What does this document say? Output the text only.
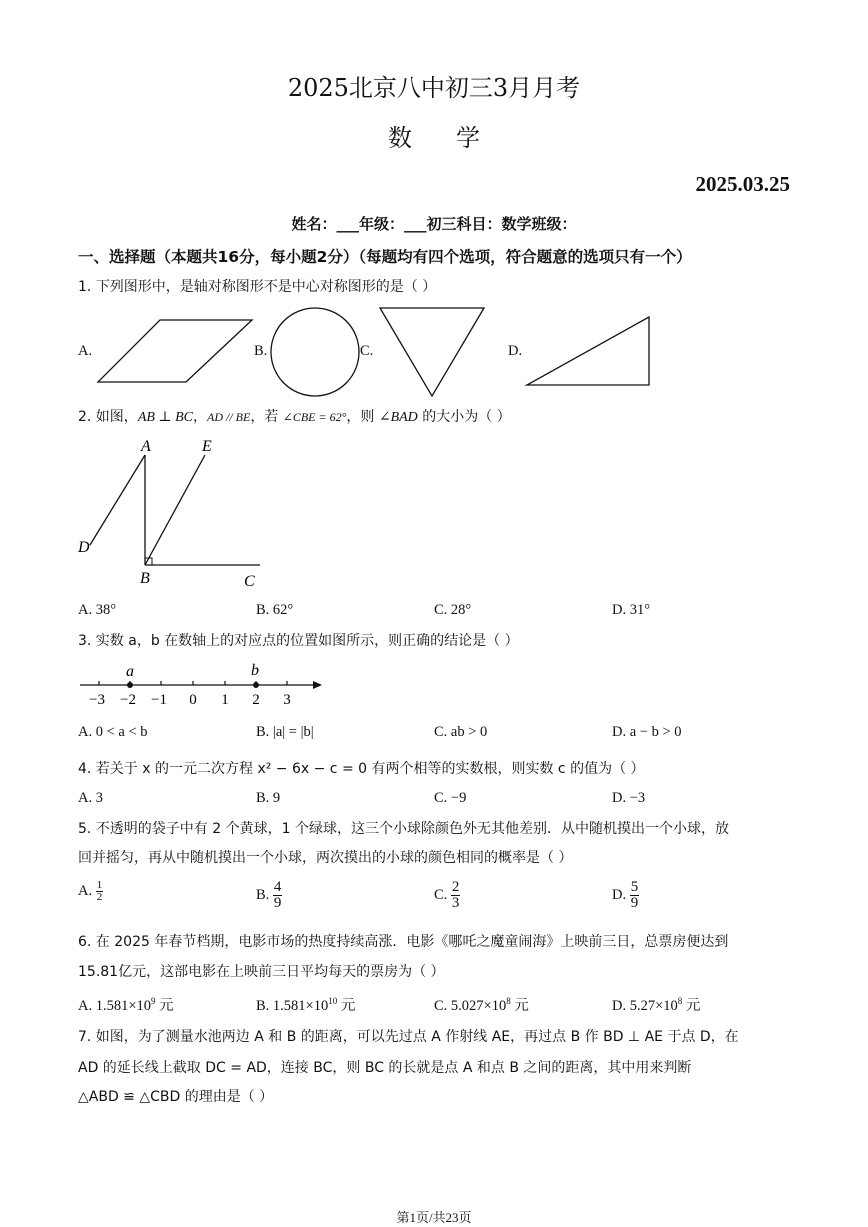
2025北京八中初三3月月考
数 学
2025.03.25
姓名：___年级：___初三科目：数学班级：
一、选择题（本题共16分，每小题2分）（每题均有四个选项，符合题意的选项只有一个）
1. 下列图形中，是轴对称图形不是中心对称图形的是（ ）
A.	B.	C.	D.
2. 如图，AB ⊥ BC，AD // BE，若 ∠CBE = 62°，则 ∠BAD 的大小为（ ）
A	E
D
B	C
A. 38°	B. 62°	C. 28°	D. 31°
3. 实数 a，b 在数轴上的对应点的位置如图所示，则正确的结论是（ ）
a	b
−3 −2 −1 0 1 2 3
A. 0 < a < b	B. |a| = |b|	C. ab > 0	D. a − b > 0
4. 若关于 x 的一元二次方程 x² − 6x − c = 0 有两个相等的实数根，则实数 c 的值为（ ）
A. 3	B. 9	C. −9	D. −3
5. 不透明的袋子中有 2 个黄球，1 个绿球，这三个小球除颜色外无其他差别．从中随机摸出一个小球，放
回并摇匀，再从中随机摸出一个小球，两次摸出的小球的颜色相同的概率是（ ）
A. $\frac{1}{2}$	B. $\frac{4}{9}$	C. $\frac{2}{3}$	D. $\frac{5}{9}$
6. 在 2025 年春节档期，电影市场的热度持续高涨．电影《哪吒之魔童闹海》上映前三日，总票房便达到
15.81亿元，这部电影在上映前三日平均每天的票房为（ ）
A. $1.581\times 10^9$ 元	B. $1.581\times 10^{10}$ 元	C. $5.027\times 10^8$ 元	D. $5.27\times 10^8$ 元
7. 如图，为了测量水池两边 A 和 B 的距离，可以先过点 A 作射线 AE，再过点 B 作 BD ⊥ AE 于点 D，在
AD 的延长线上截取 DC = AD，连接 BC，则 BC 的长就是点 A 和点 B 之间的距离，其中用来判断
△ABD ≌ △CBD 的理由是（ ）
第1页/共23页
